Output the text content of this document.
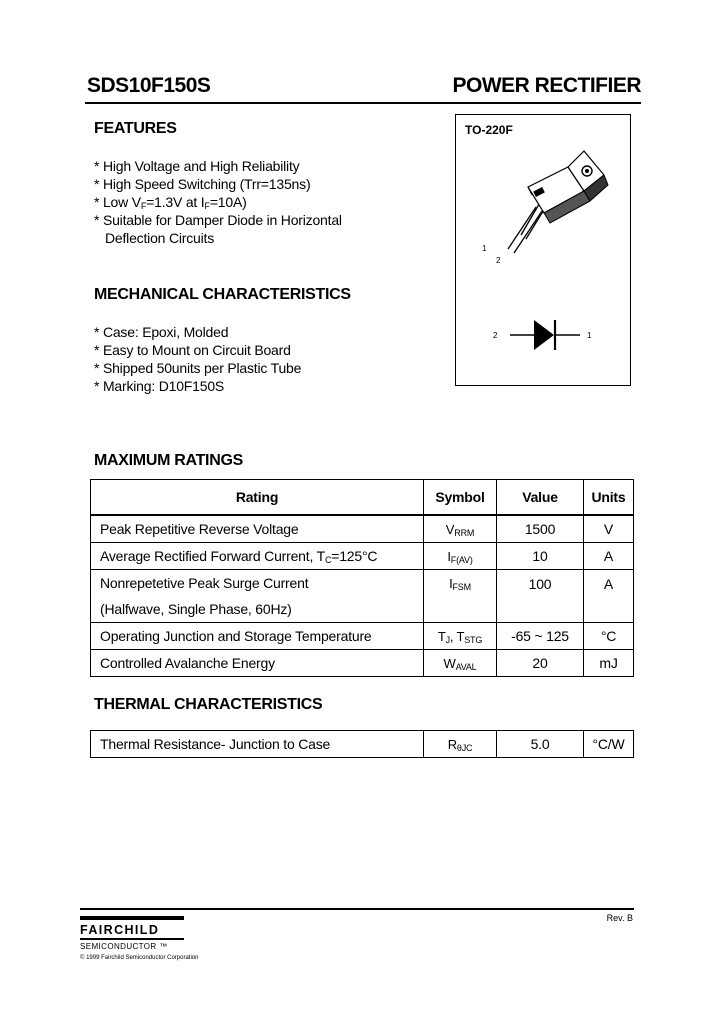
SDS10F150S	POWER RECTIFIER
FEATURES
* High Voltage and High Reliability
* High Speed Switching (Trr=135ns)
* Low $V_F=1.3V$ at $I_F=10A$)
* Suitable for Damper Diode in Horizontal
Deflection Circuits
MECHANICAL CHARACTERISTICS
* Case: Epoxi, Molded
* Easy to Mount on Circuit Board
* Shipped 50units per Plastic Tube
* Marking: D10F150S
TO-220F
1
2
2	1
MAXIMUM RATINGS
Rating	Symbol	Value	Units
Peak Repetitive Reverse Voltage	$V_{RRM}$	1500	V
Average Rectified Forward Current, $T_C=125^\circ C$	$I_{F(AV)}$	10	A

Nonrepetetive Peak Surge Current
(Halfwave, Single Phase, 60Hz)	$I_{FSM}$	100	A
Operating Junction and Storage Temperature	$T_J$, $T_{STG}$	-65 ~ 125	°C
Controlled Avalanche Energy	$W_{AVAL}$	20	mJ
THERMAL CHARACTERISTICS
Thermal Resistance- Junction to Case	$R_{\theta JC}$	5.0	°C/W
Rev. B
FAIRCHILD
SEMICONDUCTOR ™
© 1999 Fairchild Semiconductor Corporation
